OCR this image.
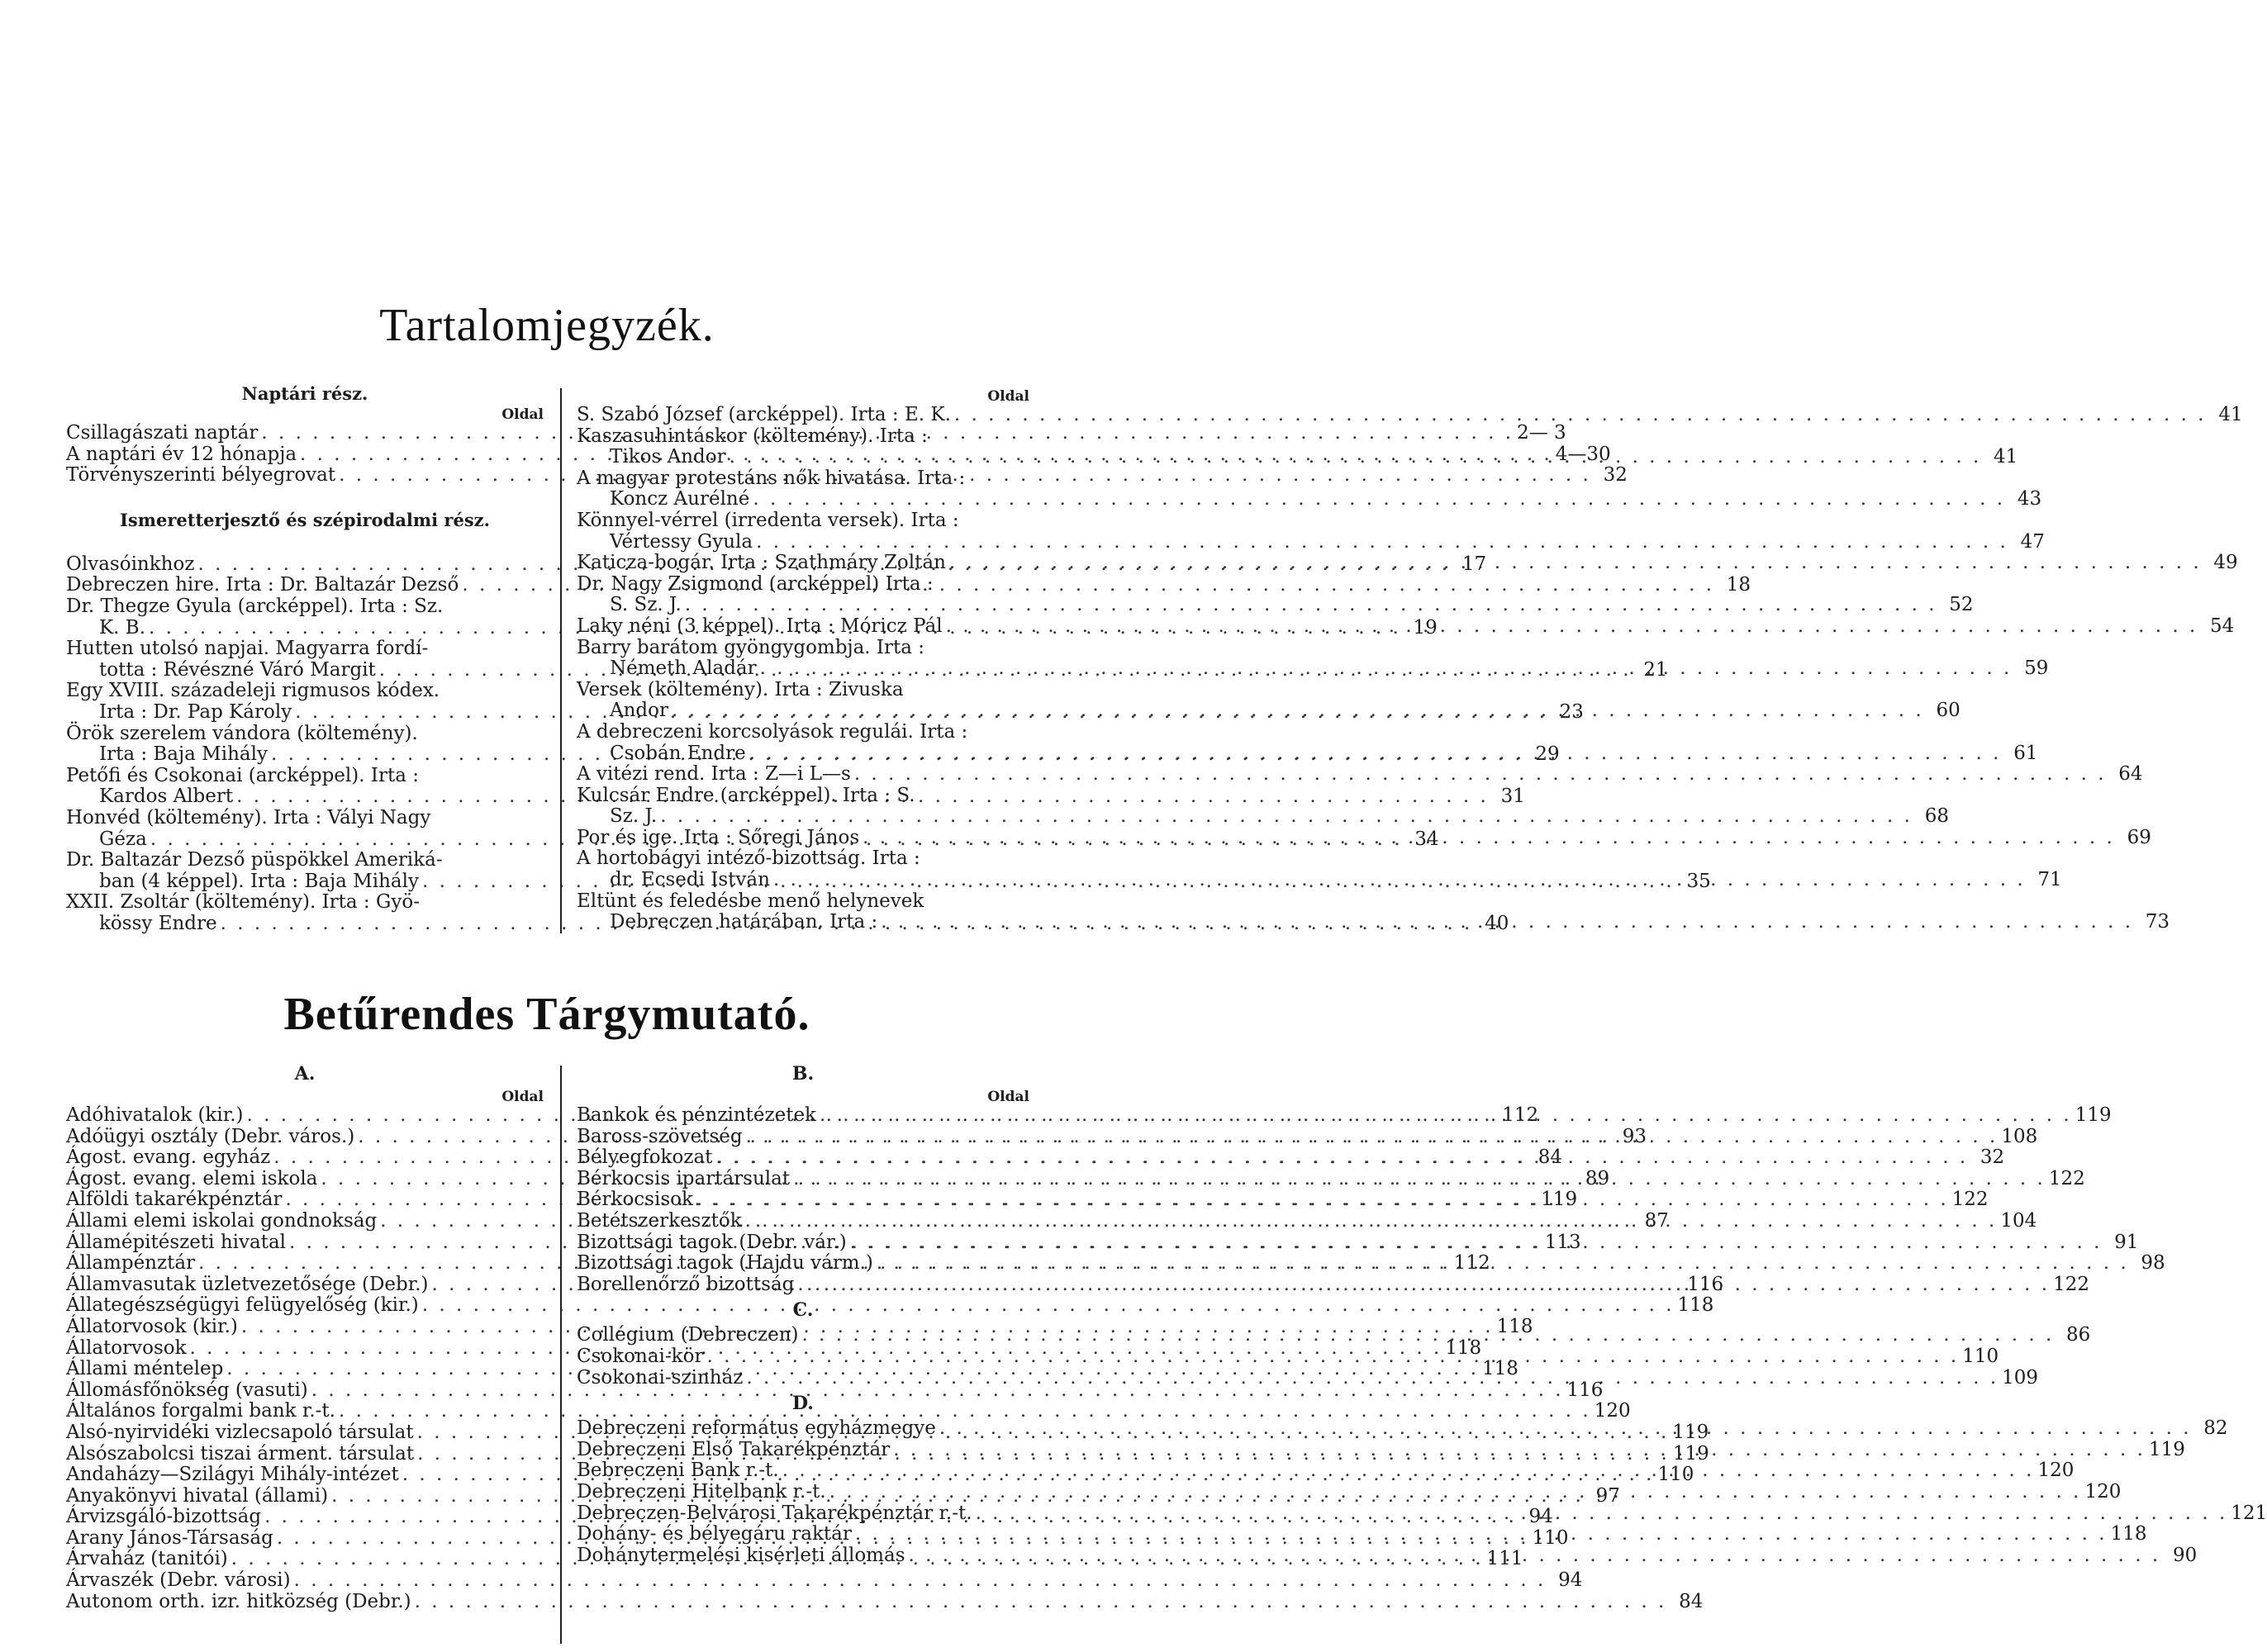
Tartalomjegyzék.
Naptári rész.
Oldal
Csillagászati naptár . . .	2— 3
A naptári év 12 hónapja . . .	4—30
Törvényszerinti bélyegrovat . . .	32
Ismeretterjesztő és szépirodalmi rész.
Olvasóinkhoz . . .	17
Debreczen hire. Irta : Dr. Baltazár Dezső . . .	18
Dr. Thegze Gyula (arcképpel). Irta : Sz.
K. B. . . .	19
Hutten utolsó napjai. Magyarra fordí-
totta : Révészné Váró Margit . . .	21
Egy XVIII. századeleji rigmusos kódex.
Irta : Dr. Pap Károly . . .	23
Örök szerelem vándora (költemény).
Irta : Baja Mihály . . .	29
Petőfi és Csokonai (arcképpel). Irta :
Kardos Albert . . .	31
Honvéd (költemény). Irta : Vályi Nagy
Géza . . .	34
Dr. Baltazár Dezső püspökkel Ameriká-
ban (4 képpel). Irta : Baja Mihály . . .	35
XXII. Zsoltár (költemény). Irta : Gyö-
kössy Endre . . .	40
Oldal
S. Szabó József (arcképpel). Irta : E. K. . . .	41
Kaszasuhintáskor (költemény). Irta :
Tikos Andor . . .	41
A magyar protestáns nők hivatása. Irta :
Koncz Aurélné . . .	43
Könnyel-vérrel (irredenta versek). Irta :
Vértessy Gyula . . .	47
Katicza-bogár. Irta : Szathmáry Zoltán . . .	49
Dr. Nagy Zsigmond (arcképpel) Irta :
S. Sz. J. . . .	52
Laky néni (3 képpel). Irta : Móricz Pál . . .	54
Barry barátom gyöngygombja. Irta :
Németh Aladár . . .	59
Versek (költemény). Irta : Zivuska
Andor . . .	60
A debreczeni korcsolyások regulái. Irta :
Csobán Endre . . .	61
A vitézi rend. Irta : Z—i L—s . . .	64
Kulcsár Endre (arcképpel). Irta : S.
Sz. J. . . .	68
Por és ige. Irta : Sőregi János . . .	69
A hortobágyi intéző-bizottság. Irta :
dr. Ecsedi István . . .	71
Eltünt és feledésbe menő helynevek
Debreczen határában. Irta : . . .	73
Betűrendes Tárgymutató.
A.
Oldal
Adóhivatalok (kir.) . . .	112
Adóügyi osztály (Debr. város.) . . .	93
Ágost. evang. egyház . . .	84
Ágost. evang. elemi iskola . . .	89
Alföldi takarékpénztár . . .	119
Állami elemi iskolai gondnokság . . .	87
Államépitészeti hivatal . . .	113
Állampénztár . . .	112
Államvasutak üzletvezetősége (Debr.) . . .	116
Állategészségügyi felügyelőség (kir.) . . .	118
Állatorvosok (kir.) . . .	118
Állatorvosok . . .	118
Állami méntelep . . .	118
Állomásfőnökség (vasuti) . . .	116
Általános forgalmi bank r.-t. . . .	120
Alsó-nyirvidéki vizlecsapoló társulat . . .	119
Alsószabolcsi tiszai árment. társulat . . .	119
Andaházy—Szilágyi Mihály-intézet . . .	110
Anyakönyvi hivatal (állami) . . .	97
Árvizsgáló-bizottság . . .	94
Arany János-Társaság . . .	110
Árvaház (tanitói) . . .	111
Árvaszék (Debr. városi) . . .	94
Autonom orth. izr. hitközség (Debr.) . . .	84
B.
Oldal
Bankok és pénzintézetek . . .	119
Baross-szövetség . . .	108
Bélyegfokozat . . .	32
Bérkocsis ipartársulat . . .	122
Bérkocsisok . . .	122
Betétszerkesztők . . .	104
Bizottsági tagok (Debr. vár.) . . .	91
Bizottsági tagok (Hajdu várm.) . . .	98
Borellenőrző bizottság . . .	122
C.
Collégium (Debreczen) . . .	86
Csokonai-kör . . .	110
Csokonai-szinház . . .	109
D.
Debreczeni református egyházmegye . . .	82
Debreczeni Első Takarékpénztár . . .	119
Bebreczeni Bank r.-t. . . .	120
Debreczeni Hitelbank r.-t. . . .	120
Debreczen-Belvárosi Takarékpénztár r.-t. . . .	121
Dohány- és bélyegáru raktár . . .	118
Dohánytermelési kisérleti állomás . . .	90
